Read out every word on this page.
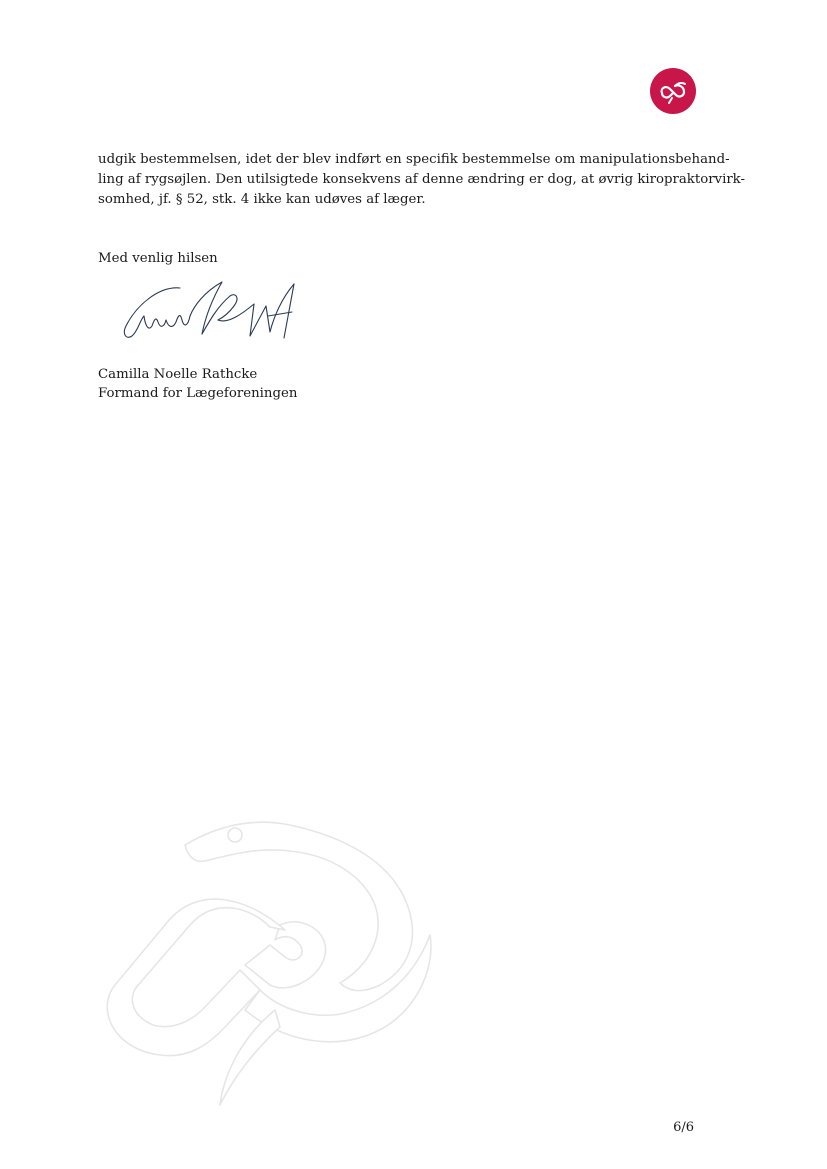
udgik bestemmelsen, idet der blev indført en specifik bestemmelse om manipulationsbehand-
ling af rygsøjlen. Den utilsigtede konsekvens af denne ændring er dog, at øvrig kiropraktorvirk-
somhed, jf. § 52, stk. 4 ikke kan udøves af læger.

Med venlig hilsen

Camilla Noelle Rathcke
Formand for Lægeforeningen
6/6
